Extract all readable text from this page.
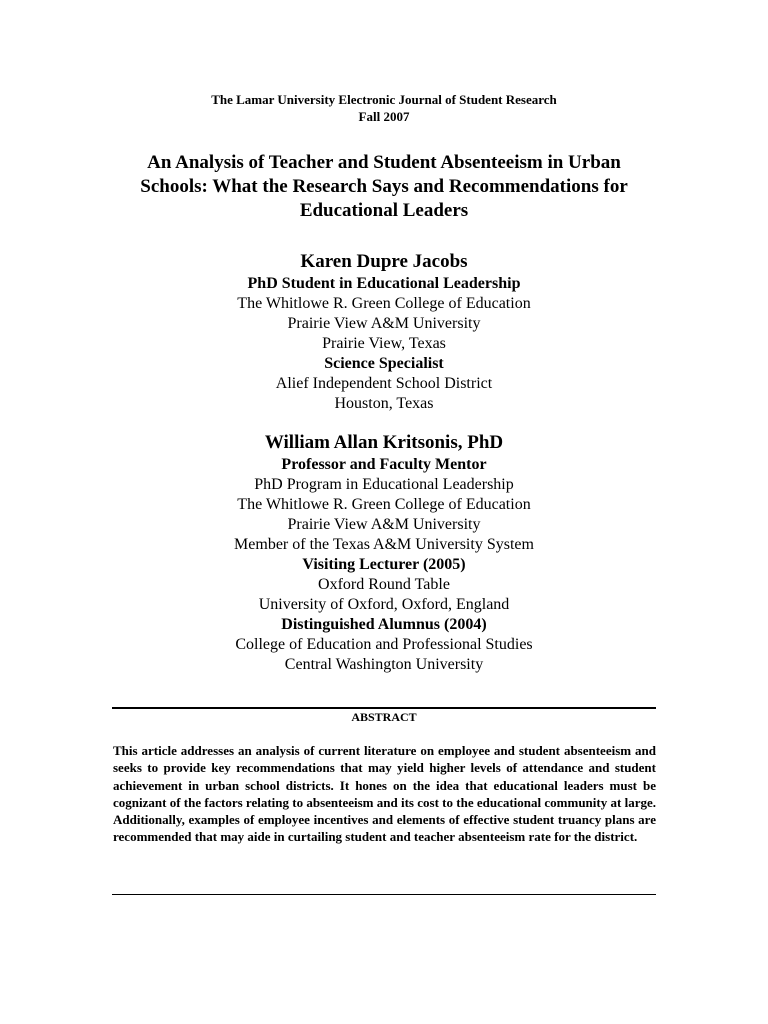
The Lamar University Electronic Journal of Student Research
Fall 2007
An Analysis of Teacher and Student Absenteeism in Urban
Schools: What the Research Says and Recommendations for
Educational Leaders
Karen Dupre Jacobs
PhD Student in Educational Leadership
The Whitlowe R. Green College of Education
Prairie View A&M University
Prairie View, Texas
Science Specialist
Alief Independent School District
Houston, Texas
William Allan Kritsonis, PhD
Professor and Faculty Mentor
PhD Program in Educational Leadership
The Whitlowe R. Green College of Education
Prairie View A&M University
Member of the Texas A&M University System
Visiting Lecturer (2005)
Oxford Round Table
University of Oxford, Oxford, England
Distinguished Alumnus (2004)
College of Education and Professional Studies
Central Washington University
ABSTRACT
This article addresses an analysis of current literature on employee and student absenteeism and seeks to provide key recommendations that may yield higher levels of attendance and student achievement in urban school districts. It hones on the idea that educational leaders must be cognizant of the factors relating to absenteeism and its cost to the educational community at large. Additionally, examples of employee incentives and elements of effective student truancy plans are recommended that may aide in curtailing student and teacher absenteeism rate for the district.
